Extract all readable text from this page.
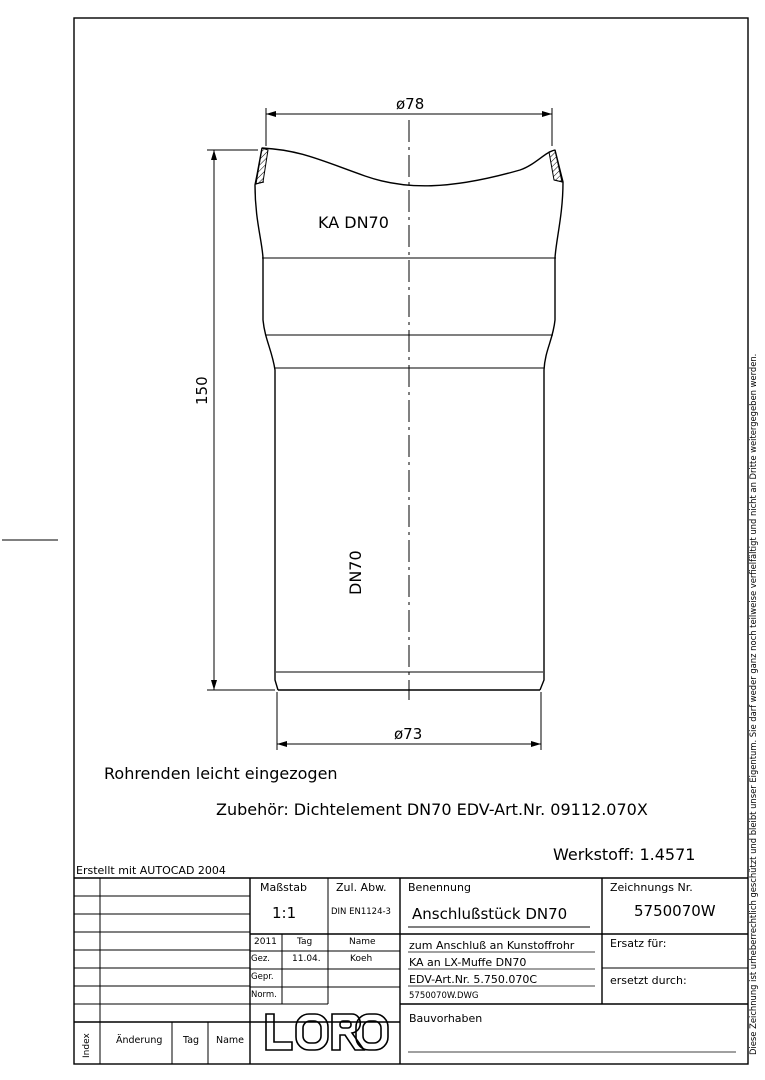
ø78
150
ø73
KA DN70
DN70
Rohrenden leicht eingezogen
Zubehör: Dichtelement DN70 EDV-Art.Nr. 09112.070X
Werkstoff: 1.4571
Erstellt mit AUTOCAD 2004	Diese Zeichnung ist urheberrechtlich geschützt und bleibt unser Eigentum. Sie darf weder ganz noch teilweise verfielfältigt und nicht an Dritte weitergegeben werden.
Maßstab
1:1
Zul. Abw.
DIN EN1124-3
Benennung
Anschlußstück DN70
Zeichnungs Nr.
5750070W
2011 Tag	Name
Gez. 11.04.	Koeh
Gepr.
Norm.
zum Anschluß an Kunstoffrohr
KA an LX-Muffe DN70
EDV-Art.Nr. 5.750.070C
5750070W.DWG
Ersatz für:
ersetzt durch:
Bauvorhaben
Index	Änderung Tag Name
